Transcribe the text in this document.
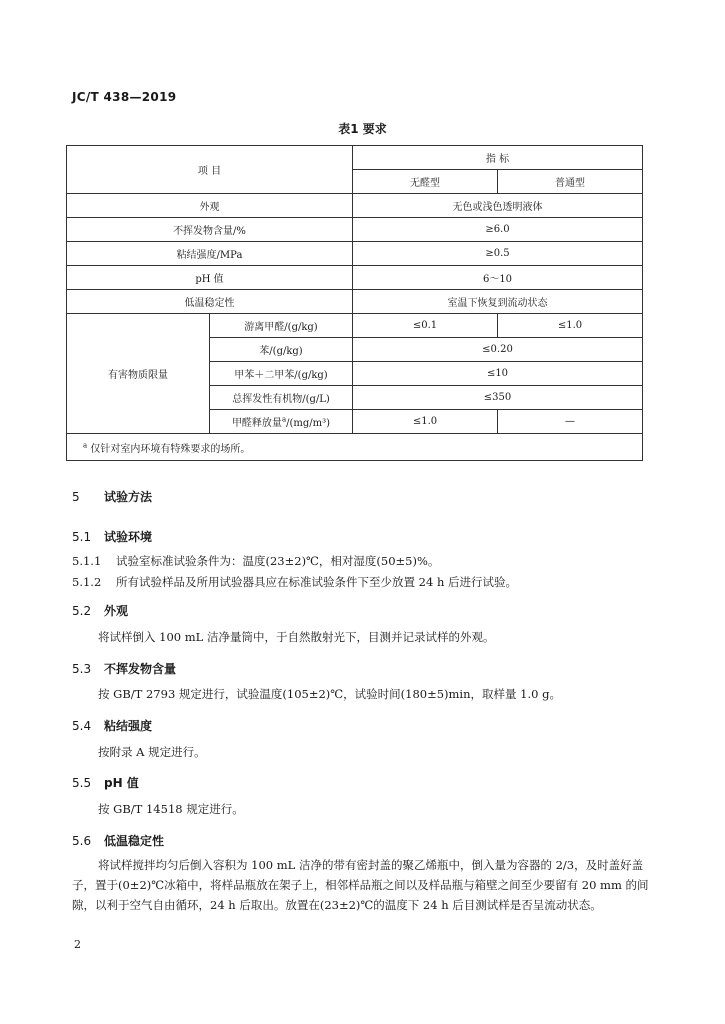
JC/T 438—2019
表1 要求
项 目		指 标	
		无醛型	普通型
外观		无色或浅色透明液体	
不挥发物含量/%		≥6.0	
粘结强度/MPa		≥0.5	
pH 值		6～10	
低温稳定性		室温下恢复到流动状态	
有害物质限量	游离甲醛/(g/kg)	≤0.1	≤1.0
	苯/(g/kg)	≤0.20	
	甲苯＋二甲苯/(g/kg)	≤10	
	总挥发性有机物/(g/L)	≤350	
	甲醛释放量$^a$/(mg/m³)	≤1.0	—
$^a$ 仅针对室内环境有特殊要求的场所。			
5 试验方法
5.1 试验环境
5.1.1 试验室标准试验条件为：温度(23±2)℃，相对湿度(50±5)%。
5.1.2 所有试验样品及所用试验器具应在标准试验条件下至少放置 24 h 后进行试验。
5.2 外观
将试样倒入 100 mL 洁净量筒中，于自然散射光下，目测并记录试样的外观。
5.3 不挥发物含量
按 GB/T 2793 规定进行，试验温度(105±2)℃，试验时间(180±5)min，取样量 1.0 g。
5.4 粘结强度
按附录 A 规定进行。
5.5 pH 值
按 GB/T 14518 规定进行。
5.6 低温稳定性
将试样搅拌均匀后倒入容积为 100 mL 洁净的带有密封盖的聚乙烯瓶中，倒入量为容器的 2/3，及时盖好盖子，置于(0±2)℃冰箱中，将样品瓶放在架子上，相邻样品瓶之间以及样品瓶与箱壁之间至少要留有 20 mm 的间隙，以利于空气自由循环，24 h 后取出。放置在(23±2)℃的温度下 24 h 后目测试样是否呈流动状态。
2
